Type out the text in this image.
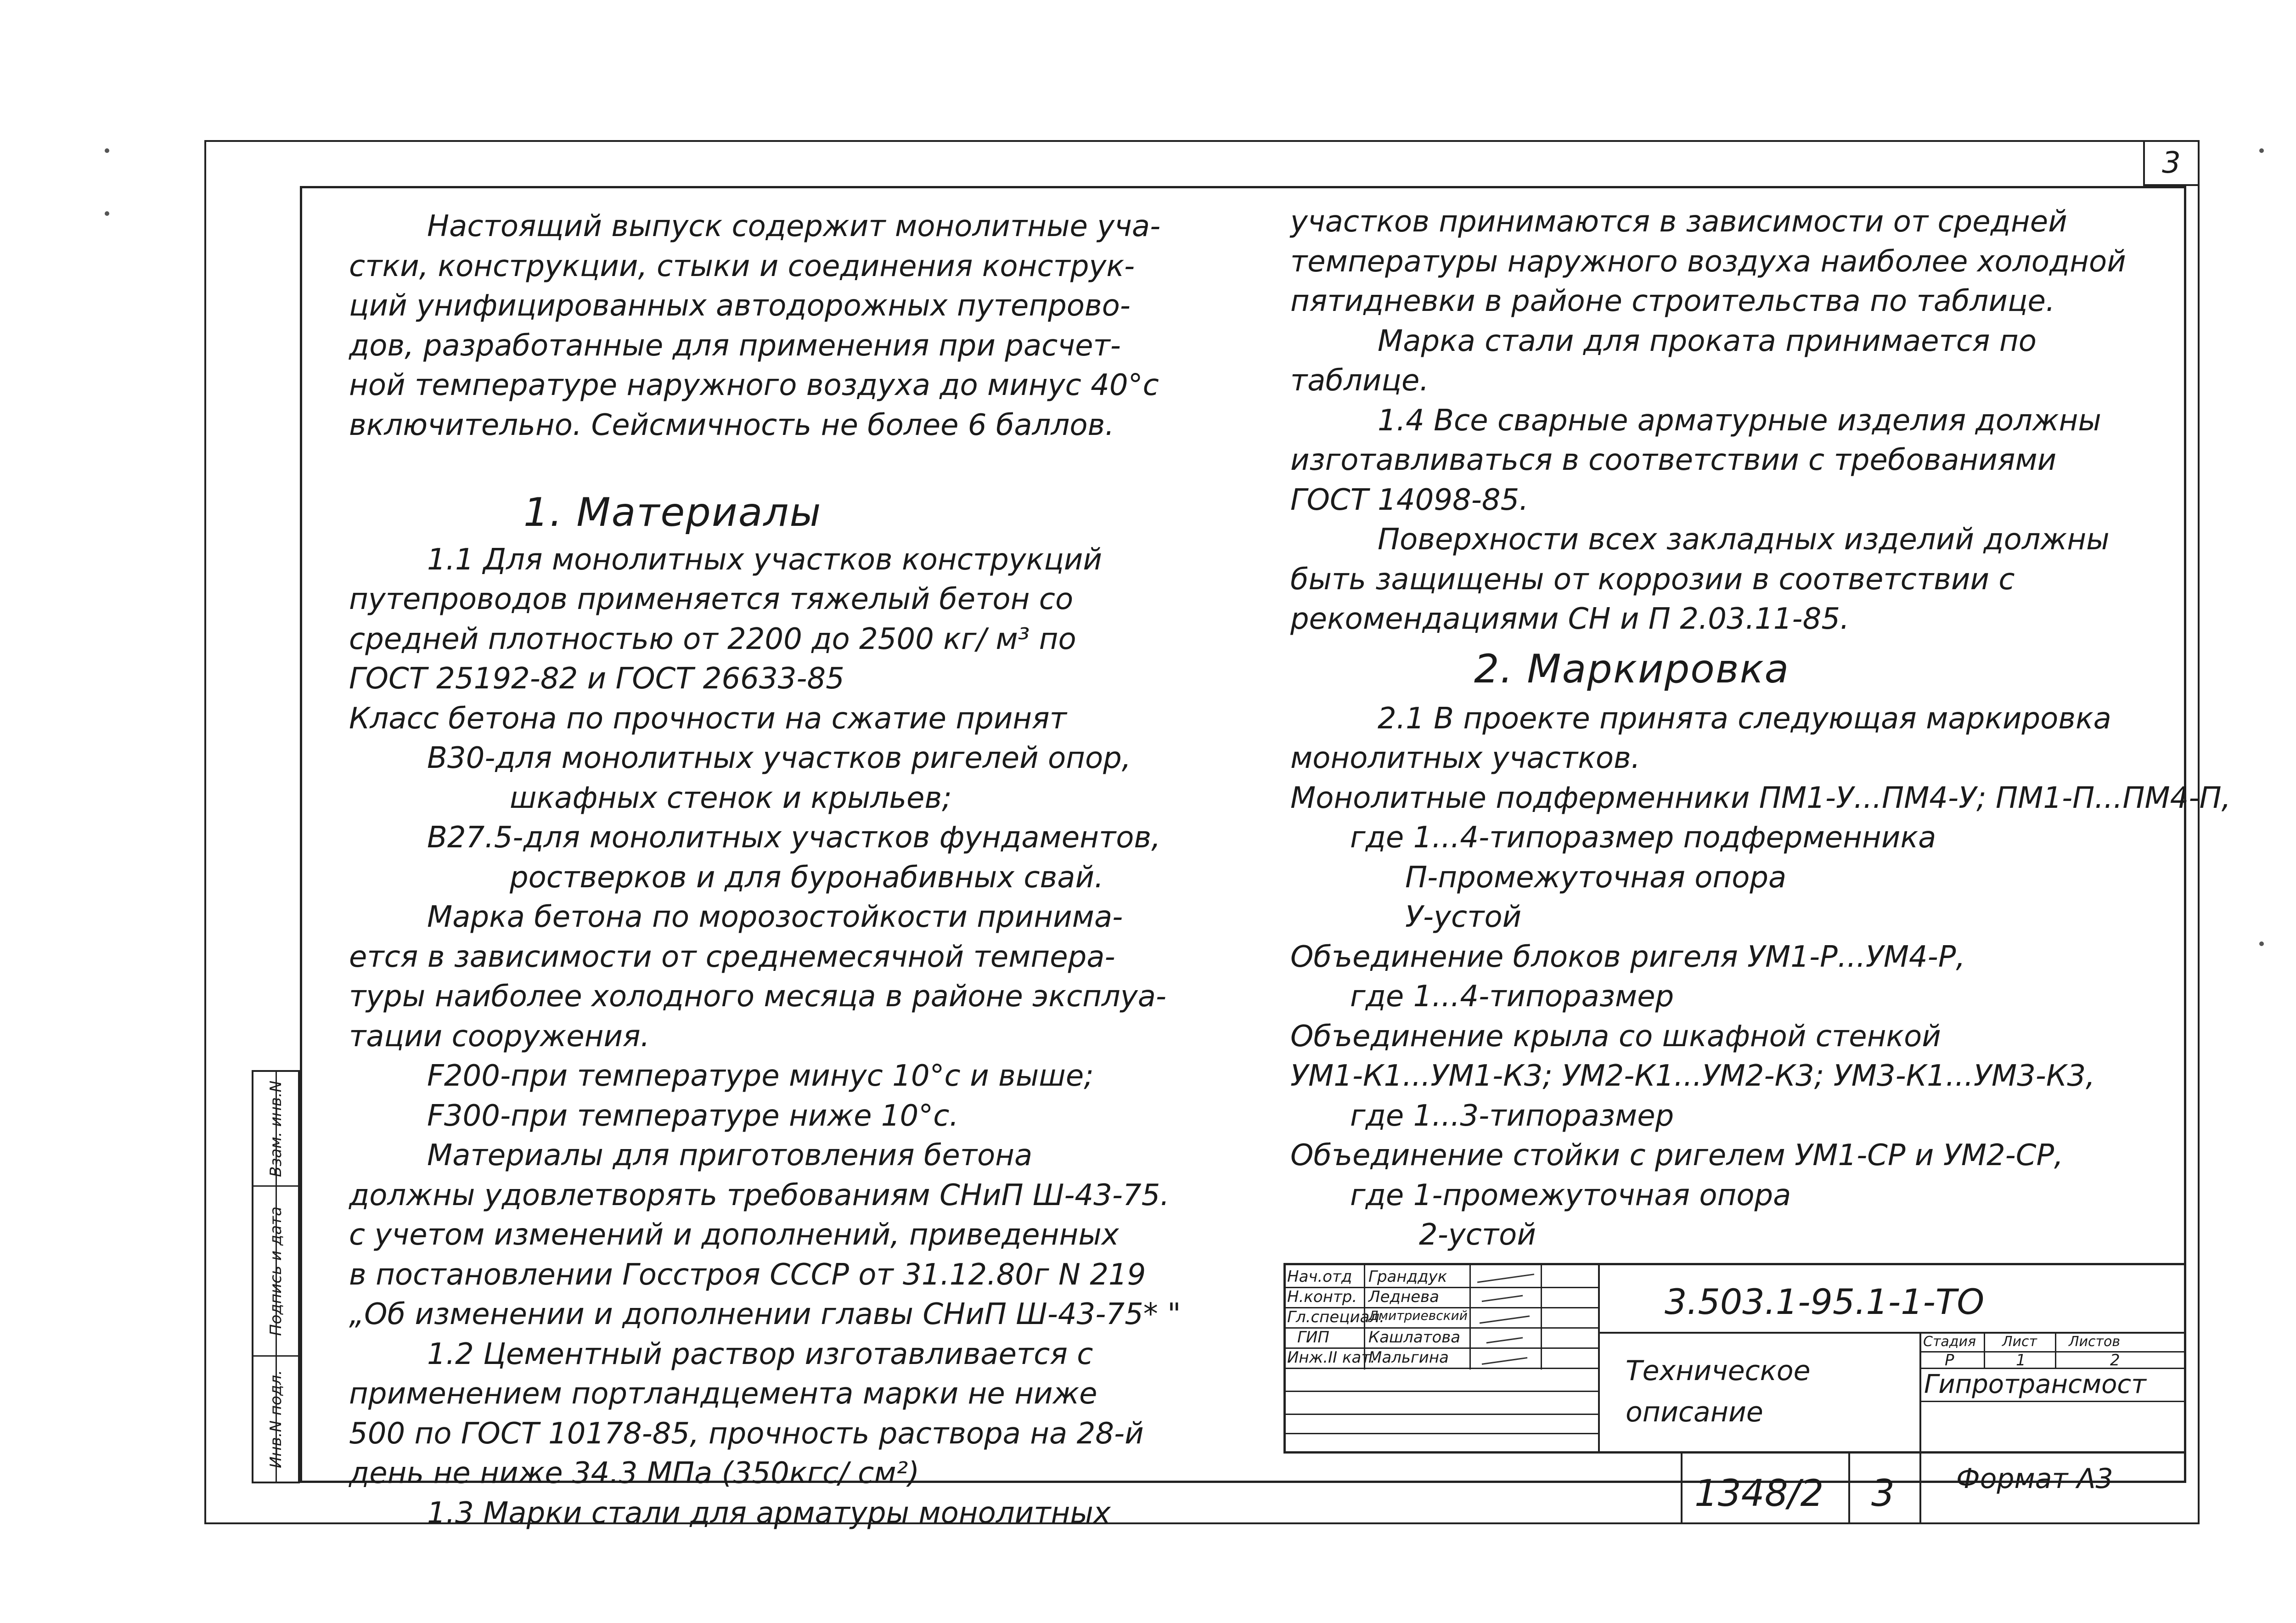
3
Настоящий выпуск содержит монолитные уча-
стки, конструкции, стыки и соединения конструк-
ций унифицированных автодорожных путепрово-
дов, разработанные для применения при расчет-
ной температуре наружного воздуха до минус 40°с
включительно. Сейсмичность не более 6 баллов.
1. Материалы
1.1 Для монолитных участков конструкций
путепроводов применяется тяжелый бетон со
средней плотностью от 2200 до 2500 кг/ м³ по
ГОСТ 25192-82 и ГОСТ 26633-85
Класс бетона по прочности на сжатие принят
В30-для монолитных участков ригелей опор,
шкафных стенок и крыльев;
В27.5-для монолитных участков фундаментов,
ростверков и для буронабивных свай.
Марка бетона по морозостойкости принима-
ется в зависимости от среднемесячной темпера-
туры наиболее холодного месяца в районе эксплуа-
тации сооружения.
F200-при температуре минус 10°с и выше;
F300-при температуре ниже 10°с.
Материалы для приготовления бетона
должны удовлетворять требованиям СНиП Ш-43-75.
с учетом изменений и дополнений, приведенных
в постановлении Госстроя СССР от 31.12.80г N 219
„Об изменении и дополнении главы СНиП Ш-43-75* "
1.2 Цементный раствор изготавливается с
применением портландцемента марки не ниже
500 по ГОСТ 10178-85, прочность раствора на 28-й
день не ниже 34.3 МПа (350кгс/ см²)
1.3 Марки стали для арматуры монолитных
участков принимаются в зависимости от средней
температуры наружного воздуха наиболее холодной
пятидневки в районе строительства по таблице.
Марка стали для проката принимается по
таблице.
1.4 Все сварные арматурные изделия должны
изготавливаться в соответствии с требованиями
ГОСТ 14098-85.
Поверхности всех закладных изделий должны
быть защищены от коррозии в соответствии с
рекомендациями СН и П 2.03.11-85.
2. Маркировка
2.1 В проекте принята следующая маркировка
монолитных участков.
Монолитные подферменники ПМ1-У...ПМ4-У; ПМ1-П...ПМ4-П,
где 1...4-типоразмер подферменника
П-промежуточная опора
У-устой
Объединение блоков ригеля УМ1-Р...УМ4-Р,
где 1...4-типоразмер
Объединение крыла со шкафной стенкой
УМ1-К1...УМ1-К3; УМ2-К1...УМ2-К3; УМ3-К1...УМ3-К3,
где 1...3-типоразмер
Объединение стойки с ригелем УМ1-СР и УМ2-СР,
где 1-промежуточная опора
2-устой
Взам. инв.N
Подпись и дата
Инв.N подл.
Нач.отд
Н.контр.
Гл.специал.
ГИП
Инж.II кат.
Гранддук
Леднева
Дмитриевский
Кашлатова
Мальгина
3.503.1-95.1-1-ТО
Техническое
описание
Стадия Лист Листов
Р	1	2
Гипротрансмост
1348/2 3 Формат А3
